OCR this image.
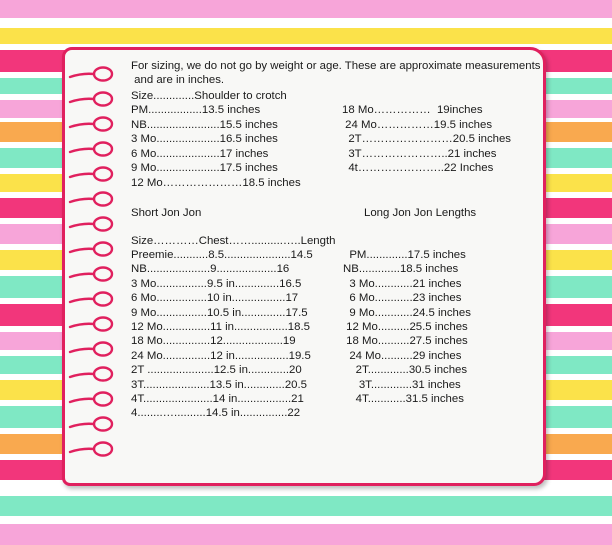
For sizing, we do not go by weight or age. These are approximate measurements
and are in inches.
Size.............Shoulder to crotch
PM.................13.5 inches
NB.......................15.5 inches
3 Mo....................16.5 inches
6 Mo....................17 inches
9 Mo....................17.5 inches
12 Mo…………………18.5 inches
18 Mo……………  19inches
24 Mo……………19.5 inches
2T……………………20.5 inches
3T…………………..21 inches
4t…………………..22 Inches
Short Jon Jon	Long Jon Jon Lengths
Size…………Chest……..........…..Length
Preemie...........8.5.....................14.5
NB....................9...................16
3 Mo................9.5 in..............16.5
6 Mo................10 in.................17
9 Mo................10.5 in..............17.5
12 Mo...............11 in.................18.5
18 Mo...............12...................19
24 Mo...............12 in.................19.5
2T .....................12.5 in.............20
3T.....................13.5 in.............20.5
4T......................14 in.................21
4........…..........14.5 in...............22
PM.............17.5 inches
NB.............18.5 inches
3 Mo............21 inches
6 Mo............23 inches
9 Mo............24.5 inches
12 Mo..........25.5 inches
18 Mo..........27.5 inches
24 Mo..........29 inches
2T.............30.5 inches
3T.............31 inches
4T............31.5 inches
